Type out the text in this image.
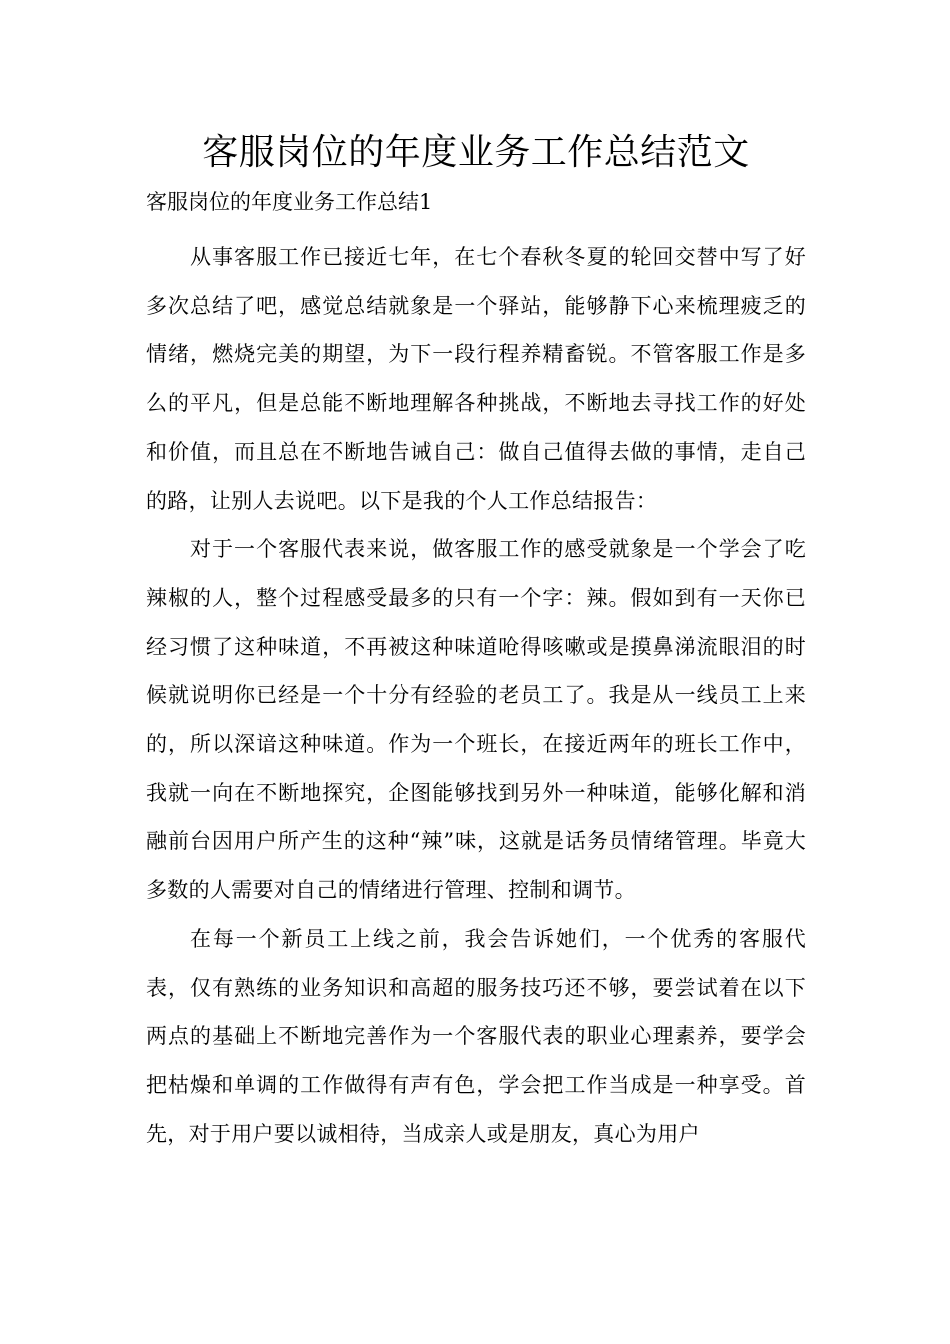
客服岗位的年度业务工作总结范文
客服岗位的年度业务工作总结1

从事客服工作已接近七年，在七个春秋冬夏的轮回交替中写了好多次总结了吧，感觉总结就象是一个驿站，能够静下心来梳理疲乏的情绪，燃烧完美的期望，为下一段行程养精畜锐。不管客服工作是多么的平凡，但是总能不断地理解各种挑战，不断地去寻找工作的好处和价值，而且总在不断地告诫自己：做自己值得去做的事情，走自己的路，让别人去说吧。以下是我的个人工作总结报告：

对于一个客服代表来说，做客服工作的感受就象是一个学会了吃辣椒的人，整个过程感受最多的只有一个字：辣。假如到有一天你已经习惯了这种味道，不再被这种味道呛得咳嗽或是摸鼻涕流眼泪的时候就说明你已经是一个十分有经验的老员工了。我是从一线员工上来的，所以深谙这种味道。作为一个班长，在接近两年的班长工作中，我就一向在不断地探究，企图能够找到另外一种味道，能够化解和消融前台因用户所产生的这种“辣”味，这就是话务员情绪管理。毕竟大多数的人需要对自己的情绪进行管理、控制和调节。

在每一个新员工上线之前，我会告诉她们，一个优秀的客服代表，仅有熟练的业务知识和高超的服务技巧还不够，要尝试着在以下两点的基础上不断地完善作为一个客服代表的职业心理素养，要学会把枯燥和单调的工作做得有声有色，学会把工作当成是一种享受。首先，对于用户要以诚相待，当成亲人或是朋友，真心为用户
